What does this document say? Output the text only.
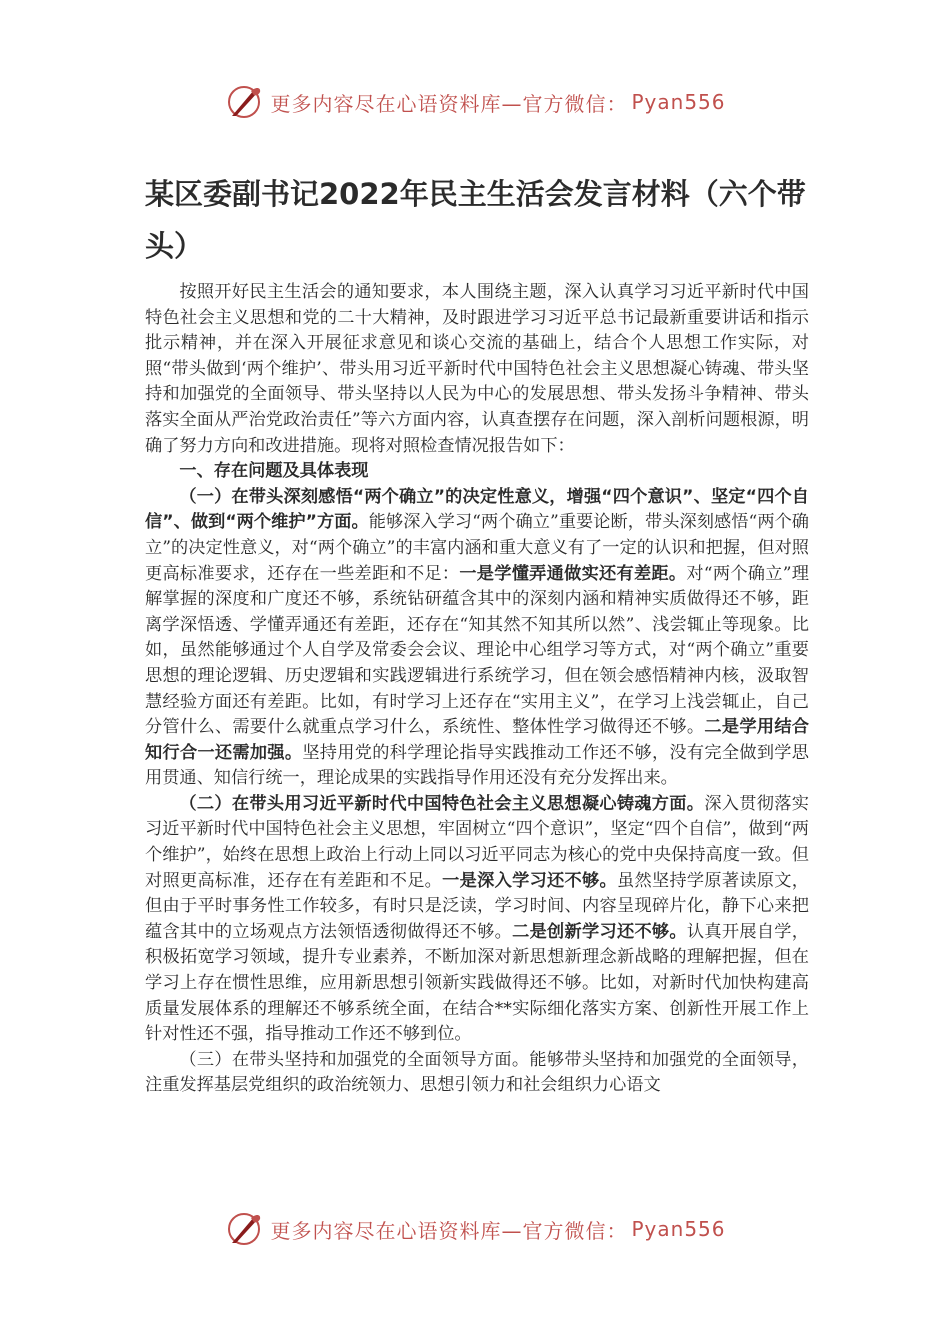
更多内容尽在心语资料库—官方微信： Pyan556
某区委副书记2022年民主生活会发言材料（六个带头）

按照开好民主生活会的通知要求，本人围绕主题，深入认真学习习近平新时代中国特色社会主义思想和党的二十大精神，及时跟进学习习近平总书记最新重要讲话和指示批示精神，并在深入开展征求意见和谈心交流的基础上，结合个人思想工作实际，对照“带头做到‘两个维护’、带头用习近平新时代中国特色社会主义思想凝心铸魂、带头坚持和加强党的全面领导、带头坚持以人民为中心的发展思想、带头发扬斗争精神、带头落实全面从严治党政治责任”等六方面内容，认真查摆存在问题，深入剖析问题根源，明确了努力方向和改进措施。现将对照检查情况报告如下：

一、存在问题及具体表现

（一）在带头深刻感悟“两个确立”的决定性意义，增强“四个意识”、坚定“四个自信”、做到“两个维护”方面。能够深入学习“两个确立”重要论断，带头深刻感悟“两个确立”的决定性意义，对“两个确立”的丰富内涵和重大意义有了一定的认识和把握，但对照更高标准要求，还存在一些差距和不足：一是学懂弄通做实还有差距。对“两个确立”理解掌握的深度和广度还不够，系统钻研蕴含其中的深刻内涵和精神实质做得还不够，距离学深悟透、学懂弄通还有差距，还存在“知其然不知其所以然”、浅尝辄止等现象。比如，虽然能够通过个人自学及常委会会议、理论中心组学习等方式，对“两个确立”重要思想的理论逻辑、历史逻辑和实践逻辑进行系统学习，但在领会感悟精神内核，汲取智慧经验方面还有差距。比如，有时学习上还存在“实用主义”，在学习上浅尝辄止，自己分管什么、需要什么就重点学习什么，系统性、整体性学习做得还不够。二是学用结合知行合一还需加强。坚持用党的科学理论指导实践推动工作还不够，没有完全做到学思用贯通、知信行统一，理论成果的实践指导作用还没有充分发挥出来。

（二）在带头用习近平新时代中国特色社会主义思想凝心铸魂方面。深入贯彻落实习近平新时代中国特色社会主义思想，牢固树立“四个意识”，坚定“四个自信”，做到“两个维护”，始终在思想上政治上行动上同以习近平同志为核心的党中央保持高度一致。但对照更高标准，还存在有差距和不足。一是深入学习还不够。虽然坚持学原著读原文，但由于平时事务性工作较多，有时只是泛读，学习时间、内容呈现碎片化，静下心来把蕴含其中的立场观点方法领悟透彻做得还不够。二是创新学习还不够。认真开展自学，积极拓宽学习领域，提升专业素养，不断加深对新思想新理念新战略的理解把握，但在学习上存在惯性思维，应用新思想引领新实践做得还不够。比如，对新时代加快构建高质量发展体系的理解还不够系统全面，在结合**实际细化落实方案、创新性开展工作上针对性还不强，指导推动工作还不够到位。

（三）在带头坚持和加强党的全面领导方面。能够带头坚持和加强党的全面领导，注重发挥基层党组织的政治统领力、思想引领力和社会组织力心语文

更多内容尽在心语资料库—官方微信： Pyan556
